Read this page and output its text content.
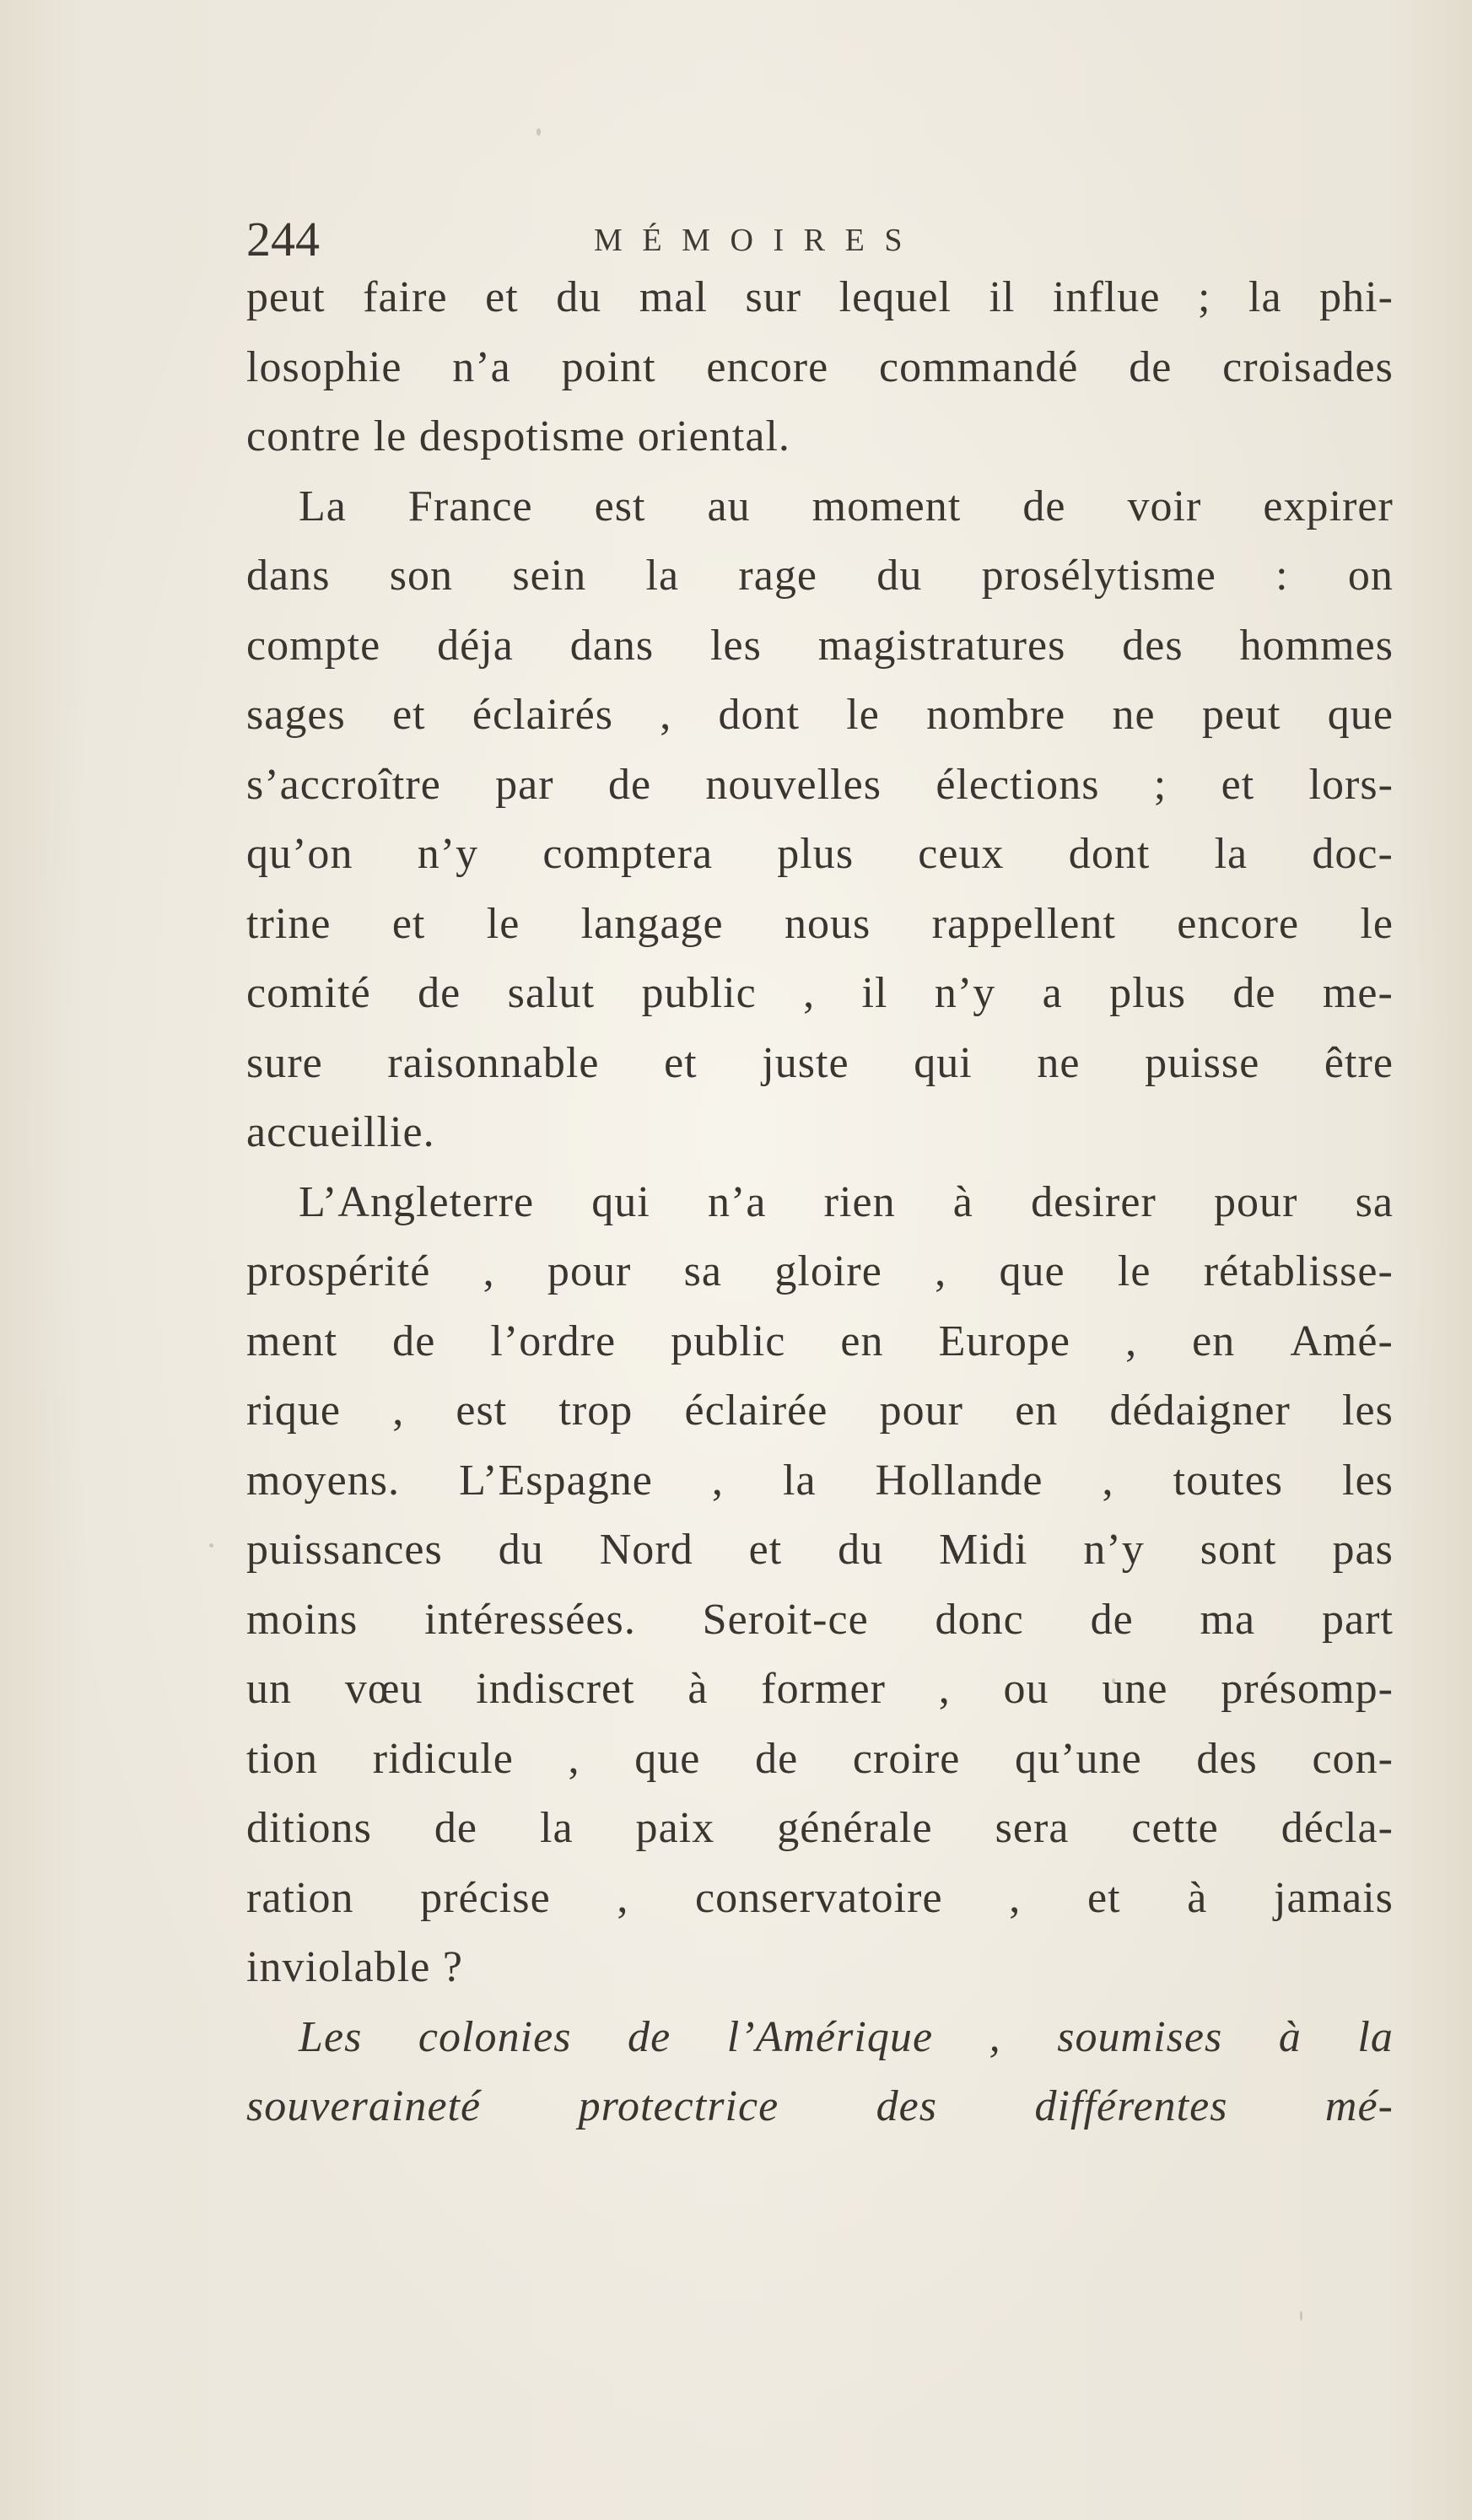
244	MÉMOIRES
peut faire et du mal sur lequel il influe ; la phi-
losophie n’a point encore commandé de croisades
contre le despotisme oriental.
La France est au moment de voir expirer
dans son sein la rage du prosélytisme : on
compte déja dans les magistratures des hommes
sages et éclairés , dont le nombre ne peut que
s’accroître par de nouvelles élections ; et lors-
qu’on n’y comptera plus ceux dont la doc-
trine et le langage nous rappellent encore le
comité de salut public , il n’y a plus de me-
sure raisonnable et juste qui ne puisse être
accueillie.
L’Angleterre qui n’a rien à desirer pour sa
prospérité , pour sa gloire , que le rétablisse-
ment de l’ordre public en Europe , en Amé-
rique , est trop éclairée pour en dédaigner les
moyens. L’Espagne , la Hollande , toutes les
puissances du Nord et du Midi n’y sont pas
moins intéressées. Seroit-ce donc de ma part
un vœu indiscret à former , ou une présomp-
tion ridicule , que de croire qu’une des con-
ditions de la paix générale sera cette décla-
ration précise , conservatoire , et à jamais
inviolable ?
Les colonies de l’Amérique , soumises à la
souveraineté protectrice des différentes mé-
